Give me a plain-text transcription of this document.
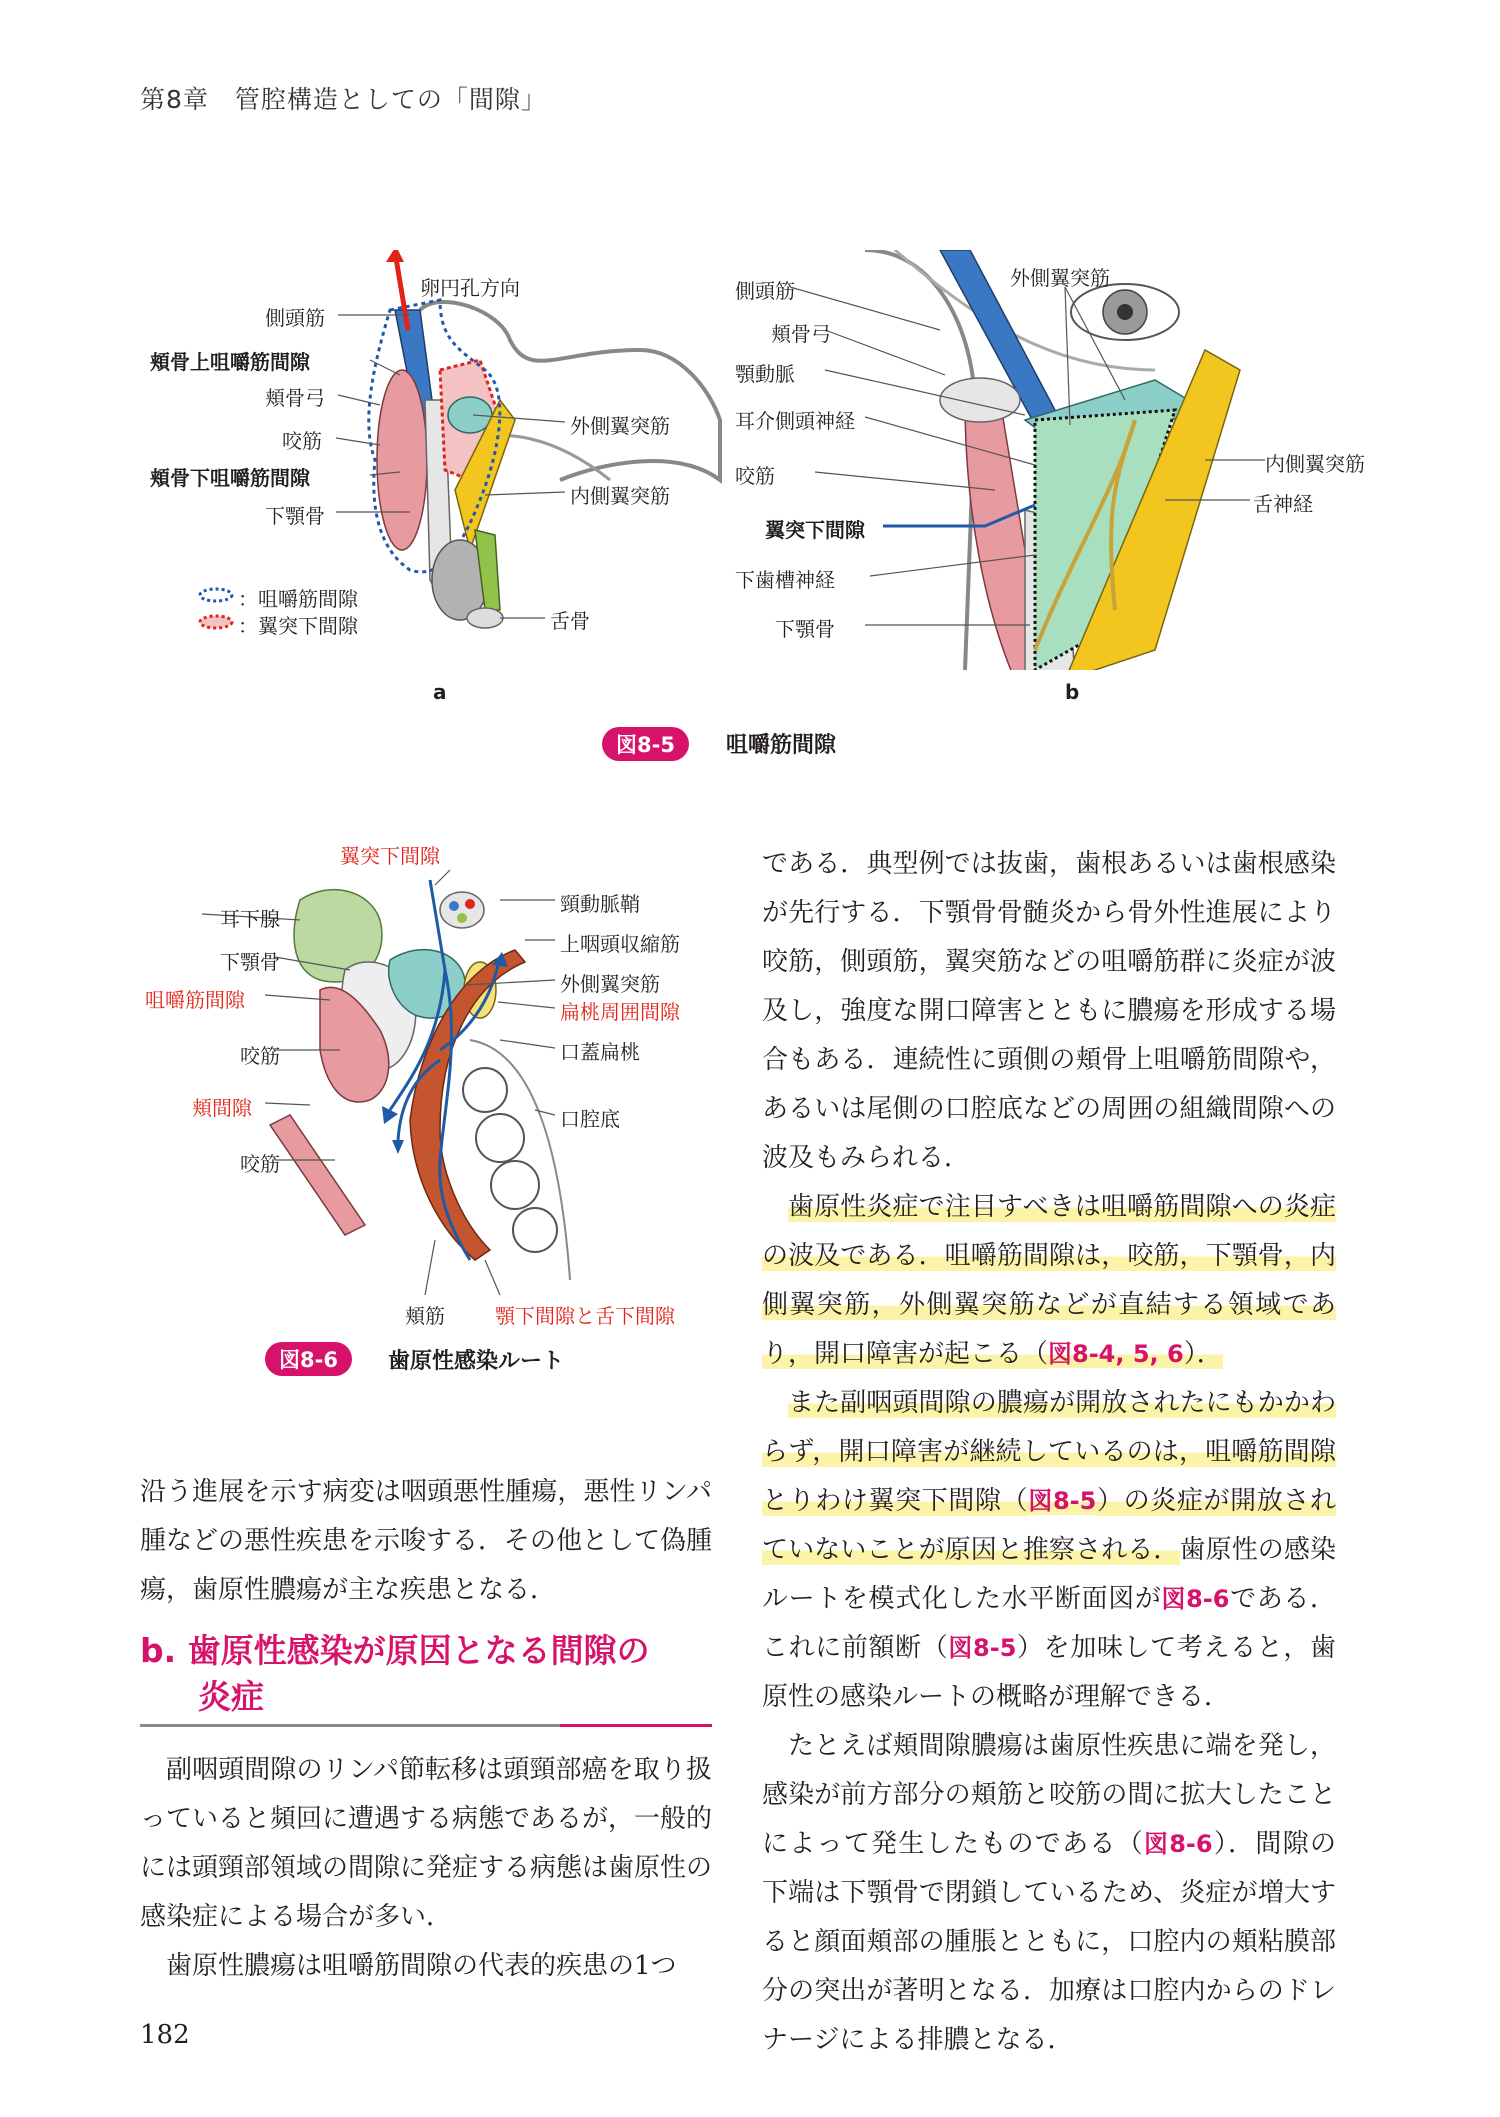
第8章　管腔構造としての「間隙」
卵円孔方向
側頭筋
頬骨上咀嚼筋間隙
頬骨弓
咬筋
頬骨下咀嚼筋間隙
下顎骨
外側翼突筋
内側翼突筋
舌骨
：咀嚼筋間隙
：翼突下間隙
a
側頭筋
頬骨弓
顎動脈
耳介側頭神経
咬筋
翼突下間隙
下歯槽神経
下顎骨
外側翼突筋
内側翼突筋
舌神経
b
図8-5	咀嚼筋間隙
翼突下間隙
耳下腺
下顎骨
咀嚼筋間隙
咬筋
頬間隙
咬筋
頬筋
頸動脈鞘
上咽頭収縮筋
外側翼突筋
扁桃周囲間隙
口蓋扁桃
口腔底
顎下間隙と舌下間隙
図8-6	歯原性感染ルート

沿う進展を示す病変は咽頭悪性腫瘍，悪性リンパ腫などの悪性疾患を示唆する．その他として偽腫瘍，歯原性膿瘍が主な疾患となる．

b. 歯原性感染が原因となる間隙の
炎症

副咽頭間隙のリンパ節転移は頭頸部癌を取り扱っていると頻回に遭遇する病態であるが，一般的には頭頸部領域の間隙に発症する病態は歯原性の感染症による場合が多い．

歯原性膿瘍は咀嚼筋間隙の代表的疾患の1つ

である．典型例では抜歯，歯根あるいは歯根感染が先行する．下顎骨骨髄炎から骨外性進展により咬筋，側頭筋，翼突筋などの咀嚼筋群に炎症が波及し，強度な開口障害とともに膿瘍を形成する場合もある．連続性に頭側の頬骨上咀嚼筋間隙や，あるいは尾側の口腔底などの周囲の組織間隙への波及もみられる．

歯原性炎症で注目すべきは咀嚼筋間隙への炎症の波及である．咀嚼筋間隙は，咬筋，下顎骨，内側翼突筋，外側翼突筋などが直結する領域であり，開口障害が起こる（図8-4, 5, 6）．

また副咽頭間隙の膿瘍が開放されたにもかかわらず，開口障害が継続しているのは，咀嚼筋間隙とりわけ翼突下間隙（図8-5）の炎症が開放されていないことが原因と推察される．歯原性の感染ルートを模式化した水平断面図が図8-6である．これに前額断（図8-5）を加味して考えると，歯原性の感染ルートの概略が理解できる．

たとえば頬間隙膿瘍は歯原性疾患に端を発し，感染が前方部分の頬筋と咬筋の間に拡大したことによって発生したものである（図8-6）．間隙の下端は下顎骨で閉鎖しているため、炎症が増大すると顔面頬部の腫脹とともに，口腔内の頬粘膜部分の突出が著明となる．加療は口腔内からのドレナージによる排膿となる．

182
